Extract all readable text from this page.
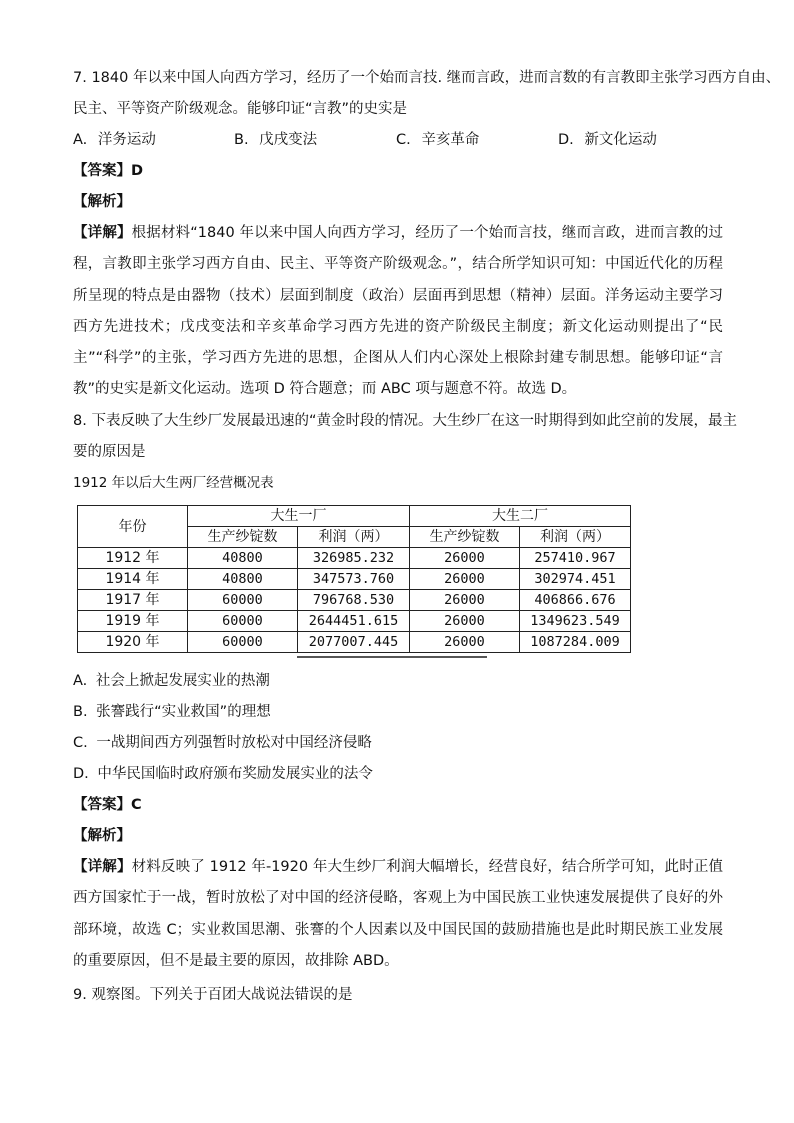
7. 1840 年以来中国人向西方学习，经历了一个始而言技. 继而言政，进而言数的有言教即主张学习西方自由、
民主、平等资产阶级观念。能够印证“言教”的史实是
A. 洋务运动	B. 戊戌变法	C. 辛亥革命	D. 新文化运动
【答案】D
【解析】
【详解】根据材料“1840 年以来中国人向西方学习，经历了一个始而言技，继而言政，进而言教的过程，言教即主张学习西方自由、民主、平等资产阶级观念。”，结合所学知识可知：中国近代化的历程所呈现的特点是由器物（技术）层面到制度（政治）层面再到思想（精神）层面。洋务运动主要学习西方先进技术；戊戌变法和辛亥革命学习西方先进的资产阶级民主制度；新文化运动则提出了“民主”“科学”的主张，学习西方先进的思想，企图从人们内心深处上根除封建专制思想。能够印证“言教”的史实是新文化运动。选项 D 符合题意；而 ABC 项与题意不符。故选 D。
8. 下表反映了大生纱厂发展最迅速的“黄金时段的情况。大生纱厂在这一时期得到如此空前的发展，最主
要的原因是
1912 年以后大生两厂经营概况表
年份	大生一厂		大生二厂	
	生产纱锭数	利润（两）	生产纱锭数	利润（两）
1912 年	40800	326985.232	26000	257410.967
1914 年	40800	347573.760	26000	302974.451
1917 年	60000	796768.530	26000	406866.676
1919 年	60000	2644451.615	26000	1349623.549
1920 年	60000	2077007.445	26000	1087284.009
A. 社会上掀起发展实业的热潮
B. 张謇践行“实业救国”的理想
C. 一战期间西方列强暂时放松对中国经济侵略
D. 中华民国临时政府颁布奖励发展实业的法令
【答案】C
【解析】
【详解】材料反映了 1912 年-1920 年大生纱厂利润大幅增长，经营良好，结合所学可知，此时正值西方国家忙于一战，暂时放松了对中国的经济侵略，客观上为中国民族工业快速发展提供了良好的外部环境，故选 C；实业救国思潮、张謇的个人因素以及中国民国的鼓励措施也是此时期民族工业发展的重要原因，但不是最主要的原因，故排除 ABD。
9. 观察图。下列关于百团大战说法错误的是
